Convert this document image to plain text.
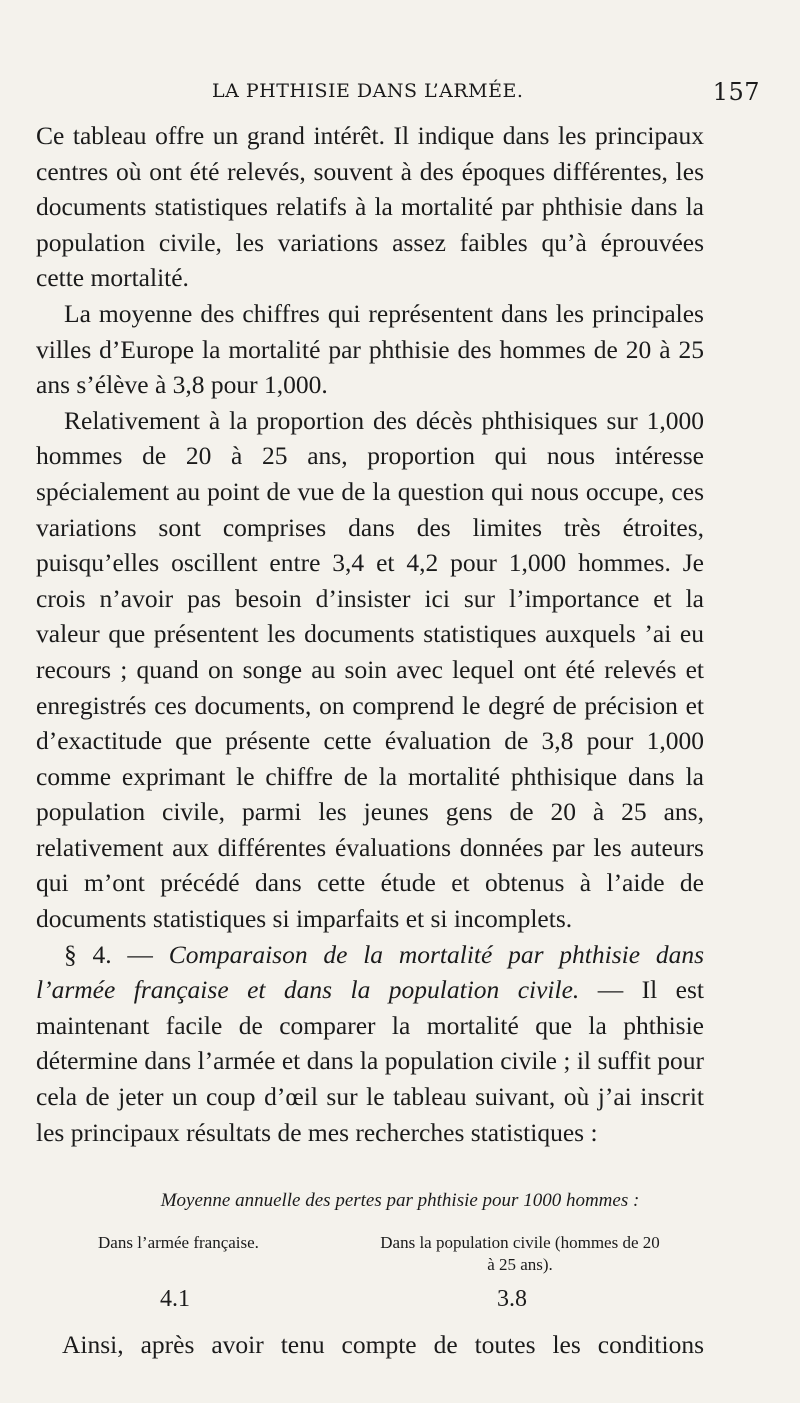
LA PHTHISIE DANS L’ARMÉE.	157

Ce tableau offre un grand intérêt. Il indique dans les principaux centres où ont été relevés, souvent à des époques différentes, les documents statistiques relatifs à la mortalité par phthisie dans la population civile, les variations assez faibles qu’à éprouvées cette mortalité.

La moyenne des chiffres qui représentent dans les principales villes d’Europe la mortalité par phthisie des hommes de 20 à 25 ans s’élève à 3,8 pour 1,000.

Relativement à la proportion des décès phthisiques sur 1,000 hommes de 20 à 25 ans, proportion qui nous intéresse spécialement au point de vue de la question qui nous occupe, ces variations sont comprises dans des limites très étroites, puisqu’elles oscillent entre 3,4 et 4,2 pour 1,000 hommes. Je crois n’avoir pas besoin d’insister ici sur l’importance et la valeur que présentent les documents statistiques auxquels ’ai eu recours ; quand on songe au soin avec lequel ont été relevés et enregistrés ces documents, on comprend le degré de précision et d’exactitude que présente cette évaluation de 3,8 pour 1,000 comme exprimant le chiffre de la mortalité phthisique dans la population civile, parmi les jeunes gens de 20 à 25 ans, relativement aux différentes évaluations données par les auteurs qui m’ont précédé dans cette étude et obtenus à l’aide de documents statistiques si imparfaits et si incomplets.

§ 4. — Comparaison de la mortalité par phthisie dans l’armée française et dans la population civile. — Il est maintenant facile de comparer la mortalité que la phthisie détermine dans l’armée et dans la population civile ; il suffit pour cela de jeter un coup d’œil sur le tableau suivant, où j’ai inscrit les principaux résultats de mes recherches statistiques :

Moyenne annuelle des pertes par phthisie pour 1000 hommes :
Dans l’armée française.	Dans la population civile (hommes de 20 à 25 ans).
4.1	3.8
Ainsi, après avoir tenu compte de toutes les conditions
